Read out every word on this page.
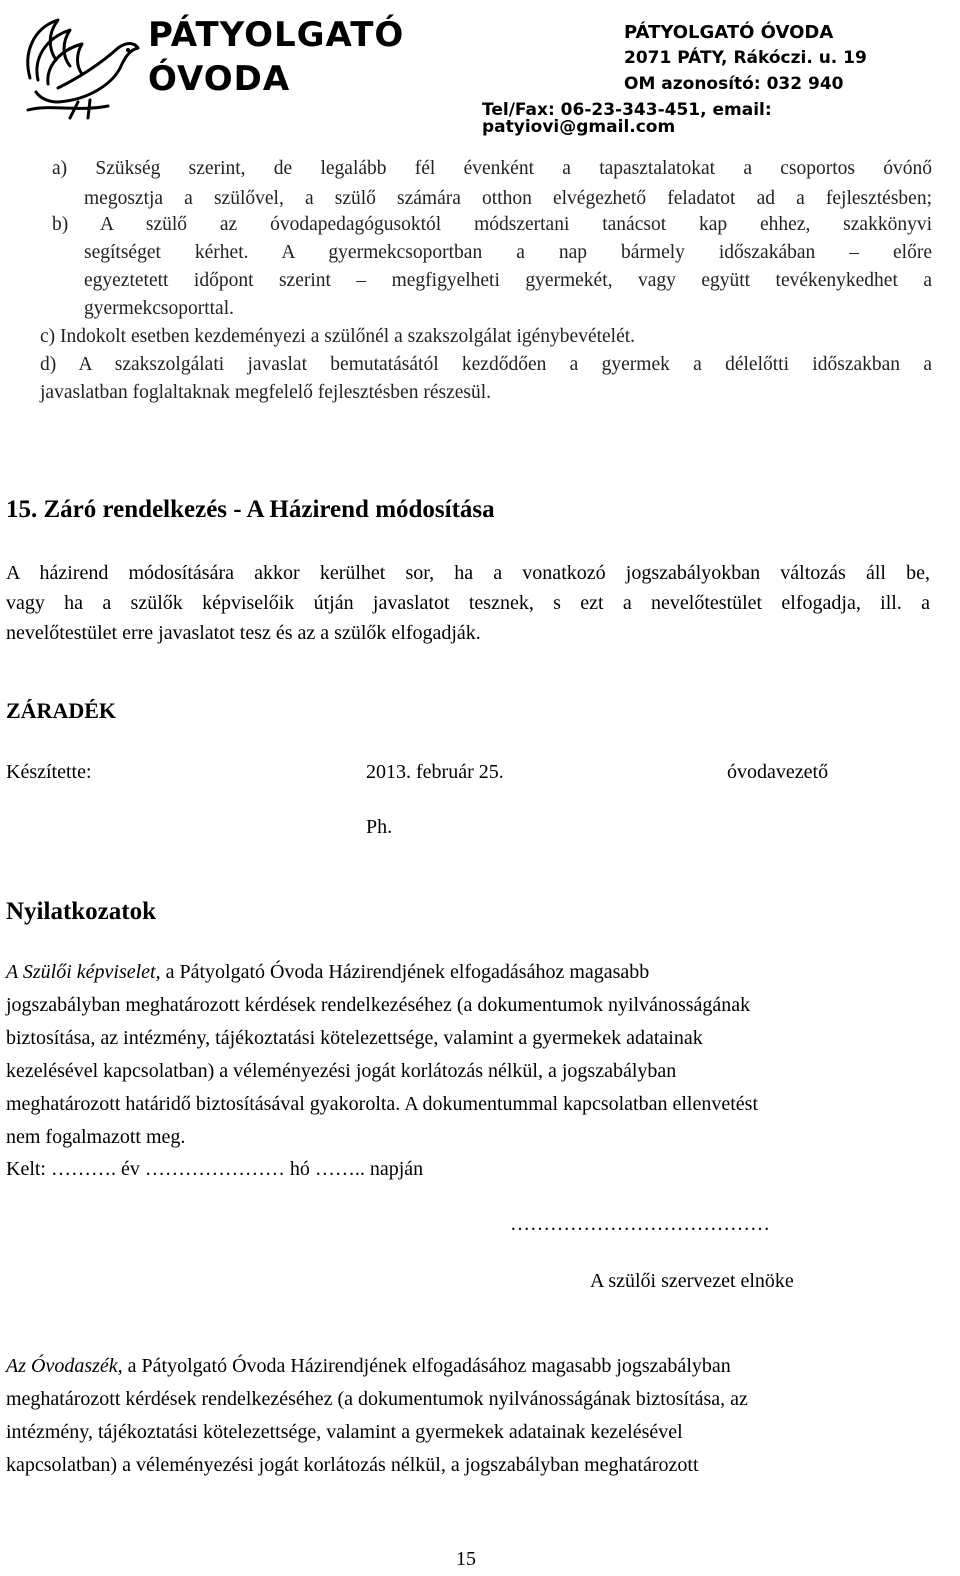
PÁTYOLGATÓ
ÓVODA
PÁTYOLGATÓ ÓVODA
2071 PÁTY, Rákóczi. u. 19
OM azonosító: 032 940
Tel/Fax: 06-23-343-451, email: patyiovi@gmail.com
a) Szükség szerint, de legalább fél évenként a tapasztalatokat a csoportos óvónő
megosztja a szülővel, a szülő számára otthon elvégezhető feladatot ad a fejlesztésben;
b) A szülő az óvodapedagógusoktól módszertani tanácsot kap ehhez, szakkönyvi
segítséget kérhet. A gyermekcsoportban a nap bármely időszakában – előre
egyeztetett időpont szerint – megfigyelheti gyermekét, vagy együtt tevékenykedhet a
gyermekcsoporttal.
c) Indokolt esetben kezdeményezi a szülőnél a szakszolgálat igénybevételét.
d) A szakszolgálati javaslat bemutatásától kezdődően a gyermek a délelőtti időszakban a
javaslatban foglaltaknak megfelelő fejlesztésben részesül.
15. Záró rendelkezés - A Házirend módosítása
A házirend módosítására akkor kerülhet sor, ha a vonatkozó jogszabályokban változás áll be,
vagy ha a szülők képviselőik útján javaslatot tesznek, s ezt a nevelőtestület elfogadja, ill. a
nevelőtestület erre javaslatot tesz és az a szülők elfogadják.
ZÁRADÉK
Készítette:	2013. február 25.	óvodavezető
Ph.
Nyilatkozatok
A Szülői képviselet, a Pátyolgató Óvoda Házirendjének elfogadásához magasabb
jogszabályban meghatározott kérdések rendelkezéséhez (a dokumentumok nyilvánosságának
biztosítása, az intézmény, tájékoztatási kötelezettsége, valamint a gyermekek adatainak
kezelésével kapcsolatban) a véleményezési jogát korlátozás nélkül, a jogszabályban
meghatározott határidő biztosításával gyakorolta. A dokumentummal kapcsolatban ellenvetést
nem fogalmazott meg.
Kelt: ………. év ………………… hó …….. napján
…………………………………
A szülői szervezet elnöke
Az Óvodaszék, a Pátyolgató Óvoda Házirendjének elfogadásához magasabb jogszabályban
meghatározott kérdések rendelkezéséhez (a dokumentumok nyilvánosságának biztosítása, az
intézmény, tájékoztatási kötelezettsége, valamint a gyermekek adatainak kezelésével
kapcsolatban) a véleményezési jogát korlátozás nélkül, a jogszabályban meghatározott
15
